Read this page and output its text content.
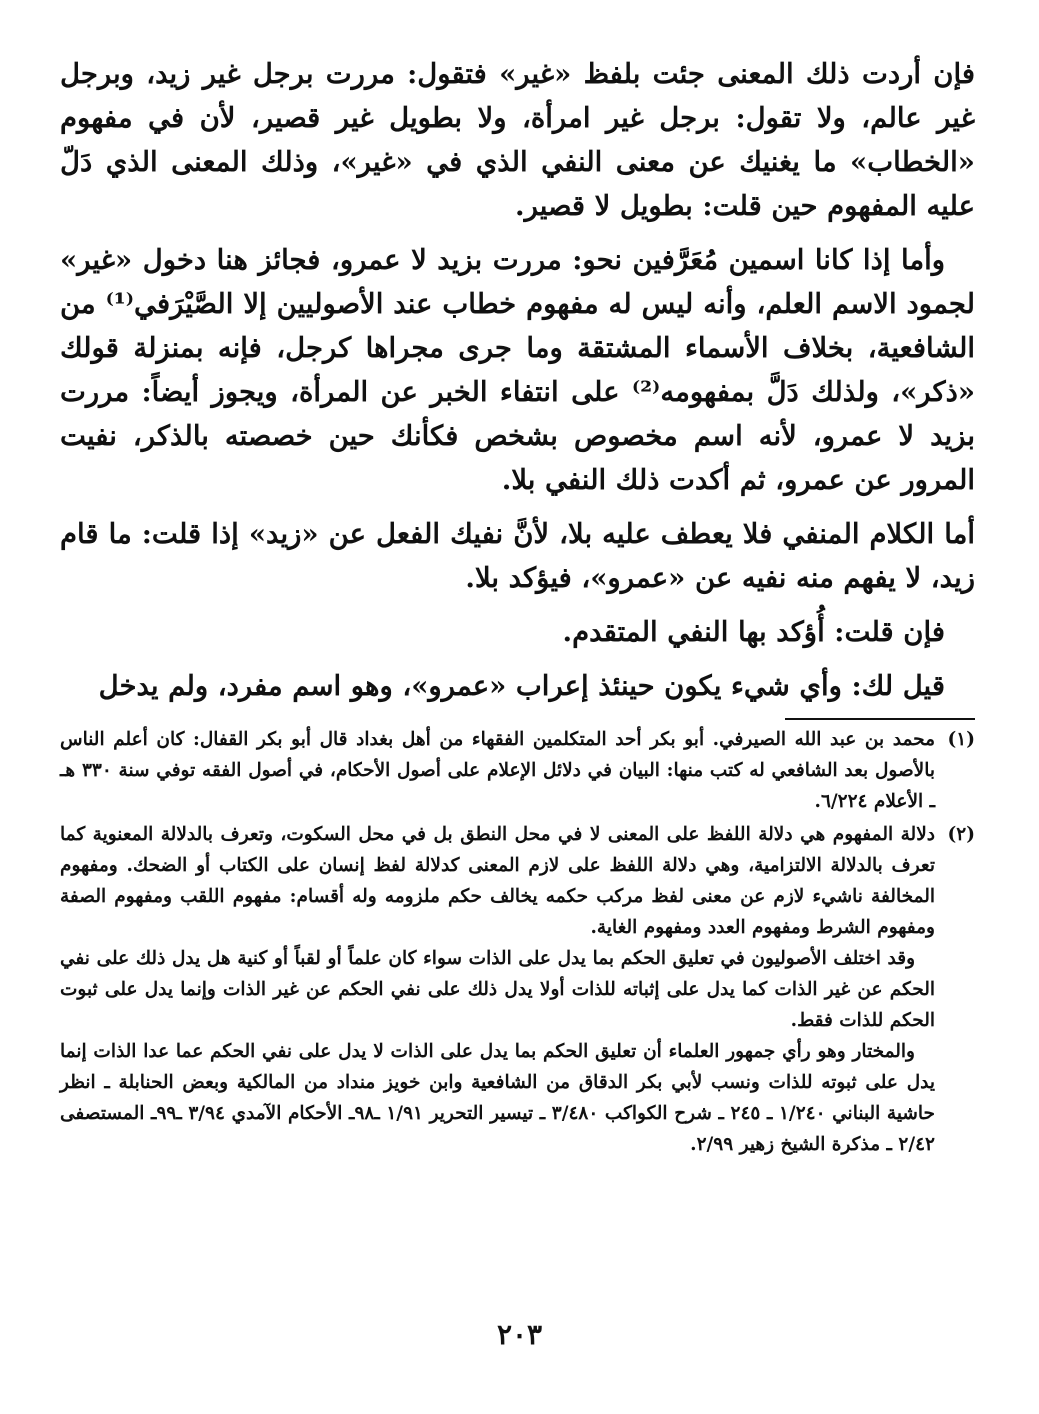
فإن أردت ذلك المعنى جئت بلفظ «غير» فتقول: مررت برجل غير زيد، وبرجل غير عالم، ولا تقول: برجل غير امرأة، ولا بطويل غير قصير، لأن في مفهوم «الخطاب» ما يغنيك عن معنى النفي الذي في «غير»، وذلك المعنى الذي دَلّ عليه المفهوم حين قلت: بطويل لا قصير.

وأما إذا كانا اسمين مُعَرَّفين نحو: مررت بزيد لا عمرو، فجائز هنا دخول «غير» لجمود الاسم العلم، وأنه ليس له مفهوم خطاب عند الأصوليين إلا الصَّيْرَفي⁽¹⁾ من الشافعية، بخلاف الأسماء المشتقة وما جرى مجراها كرجل، فإنه بمنزلة قولك «ذكر»، ولذلك دَلَّ بمفهومه⁽²⁾ على انتفاء الخبر عن المرأة، ويجوز أيضاً: مررت بزيد لا عمرو، لأنه اسم مخصوص بشخص فكأنك حين خصصته بالذكر، نفيت المرور عن عمرو، ثم أكدت ذلك النفي بلا.

أما الكلام المنفي فلا يعطف عليه بلا، لأنَّ نفيك الفعل عن «زيد» إذا قلت: ما قام زيد، لا يفهم منه نفيه عن «عمرو»، فيؤكد بلا.

فإن قلت: أُؤكد بها النفي المتقدم.

قيل لك: وأي شيء يكون حينئذ إعراب «عمرو»، وهو اسم مفرد، ولم يدخل

(١)

محمد بن عبد الله الصيرفي. أبو بكر أحد المتكلمين الفقهاء من أهل بغداد قال أبو بكر القفال: كان أعلم الناس بالأصول بعد الشافعي له كتب منها: البيان في دلائل الإعلام على أصول الأحكام، في أصول الفقه توفي سنة ٣٣٠ هـ ـ الأعلام ٦/٢٢٤.

(٢)

دلالة المفهوم هي دلالة اللفظ على المعنى لا في محل النطق بل في محل السكوت، وتعرف بالدلالة المعنوية كما تعرف بالدلالة الالتزامية، وهي دلالة اللفظ على لازم المعنى كدلالة لفظ إنسان على الكتاب أو الضحك. ومفهوم المخالفة ناشيء لازم عن معنى لفظ مركب حكمه يخالف حكم ملزومه وله أقسام: مفهوم اللقب ومفهوم الصفة ومفهوم الشرط ومفهوم العدد ومفهوم الغاية.

وقد اختلف الأصوليون في تعليق الحكم بما يدل على الذات سواء كان علماً أو لقباً أو كنية هل يدل ذلك على نفي الحكم عن غير الذات كما يدل على إثباته للذات أولا يدل ذلك على نفي الحكم عن غير الذات وإنما يدل على ثبوت الحكم للذات فقط.

والمختار وهو رأي جمهور العلماء أن تعليق الحكم بما يدل على الذات لا يدل على نفي الحكم عما عدا الذات إنما يدل على ثبوته للذات ونسب لأبي بكر الدقاق من الشافعية وابن خويز منداد من المالكية وبعض الحنابلة ـ انظر حاشية البناني ١/٢٤٠ ـ ٢٤٥ ـ شرح الكواكب ٣/٤٨٠ ـ تيسير التحرير ١/٩١ ـ٩٨ـ الأحكام الآمدي ٣/٩٤ ـ٩٩ـ المستصفى ٢/٤٢ ـ مذكرة الشيخ زهير ٢/٩٩.

٢٠٣
